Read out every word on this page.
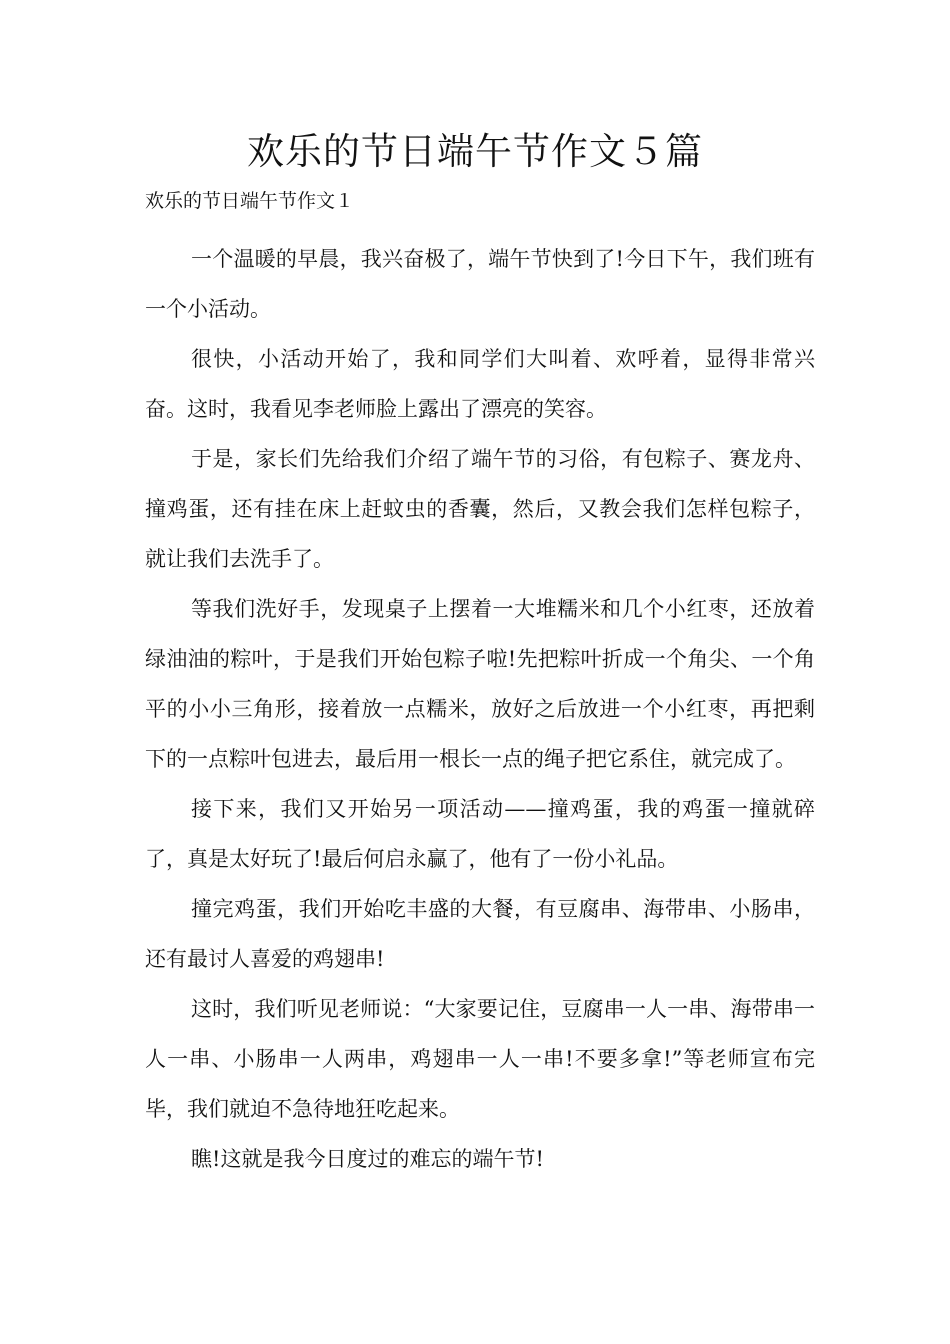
欢乐的节日端午节作文５篇
欢乐的节日端午节作文１

一个温暖的早晨，我兴奋极了，端午节快到了!今日下午，我们班有一个小活动。

很快，小活动开始了，我和同学们大叫着、欢呼着，显得非常兴奋。这时，我看见李老师脸上露出了漂亮的笑容。

于是，家长们先给我们介绍了端午节的习俗，有包粽子、赛龙舟、撞鸡蛋，还有挂在床上赶蚊虫的香囊，然后，又教会我们怎样包粽子，就让我们去洗手了。

等我们洗好手，发现桌子上摆着一大堆糯米和几个小红枣，还放着绿油油的粽叶，于是我们开始包粽子啦!先把粽叶折成一个角尖、一个角平的小小三角形，接着放一点糯米，放好之后放进一个小红枣，再把剩下的一点粽叶包进去，最后用一根长一点的绳子把它系住，就完成了。

接下来，我们又开始另一项活动——撞鸡蛋，我的鸡蛋一撞就碎了，真是太好玩了!最后何启永赢了，他有了一份小礼品。

撞完鸡蛋，我们开始吃丰盛的大餐，有豆腐串、海带串、小肠串，还有最讨人喜爱的鸡翅串!

这时，我们听见老师说：“大家要记住，豆腐串一人一串、海带串一人一串、小肠串一人两串，鸡翅串一人一串!不要多拿!”等老师宣布完毕，我们就迫不急待地狂吃起来。

瞧!这就是我今日度过的难忘的端午节!
